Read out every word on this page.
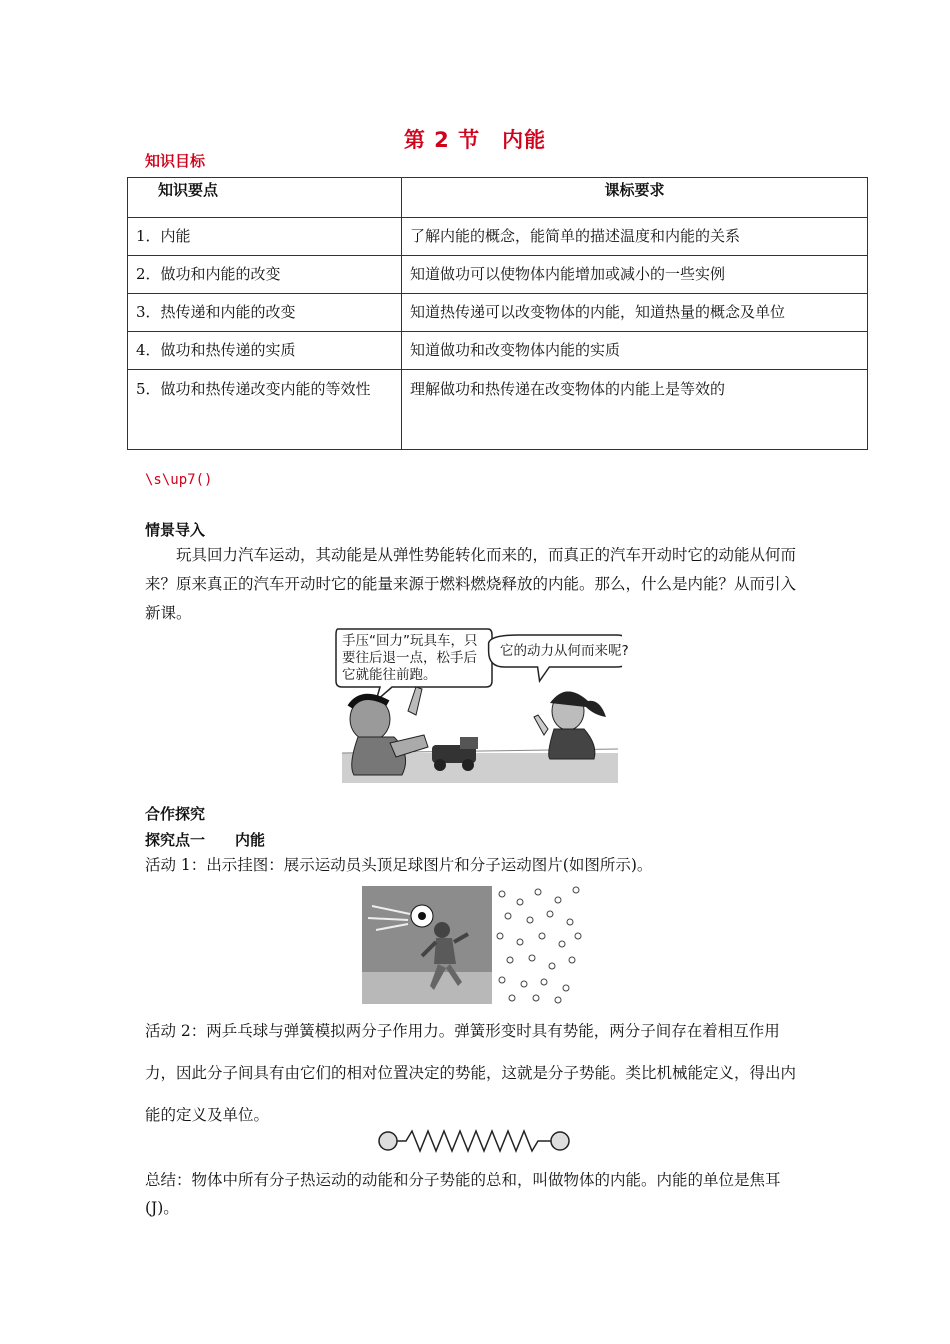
第 2 节　内能
知识目标
知识要点	课标要求
1．内能	了解内能的概念，能简单的描述温度和内能的关系
2．做功和内能的改变	知道做功可以使物体内能增加或减小的一些实例
3．热传递和内能的改变	知道热传递可以改变物体的内能，知道热量的概念及单位
4．做功和热传递的实质	知道做功和改变物体内能的实质
5．做功和热传递改变内能的等效性	理解做功和热传递在改变物体的内能上是等效的
\s\up7()
情景导入
玩具回力汽车运动，其动能是从弹性势能转化而来的，而真正的汽车开动时它的动能从何而来？原来真正的汽车开动时它的能量来源于燃料燃烧释放的内能。那么，什么是内能？从而引入新课。
手压“回力”玩具车，只要往后退一点，松手后它就能往前跑。
它的动力从何而来呢?
合作探究
探究点一　　内能
活动 1：出示挂图：展示运动员头顶足球图片和分子运动图片(如图所示)。
活动 2：两乒乓球与弹簧模拟两分子作用力。弹簧形变时具有势能，两分子间存在着相互作用力，因此分子间具有由它们的相对位置决定的势能，这就是分子势能。类比机械能定义，得出内能的定义及单位。
总结：物体中所有分子热运动的动能和分子势能的总和，叫做物体的内能。内能的单位是焦耳(J)。
